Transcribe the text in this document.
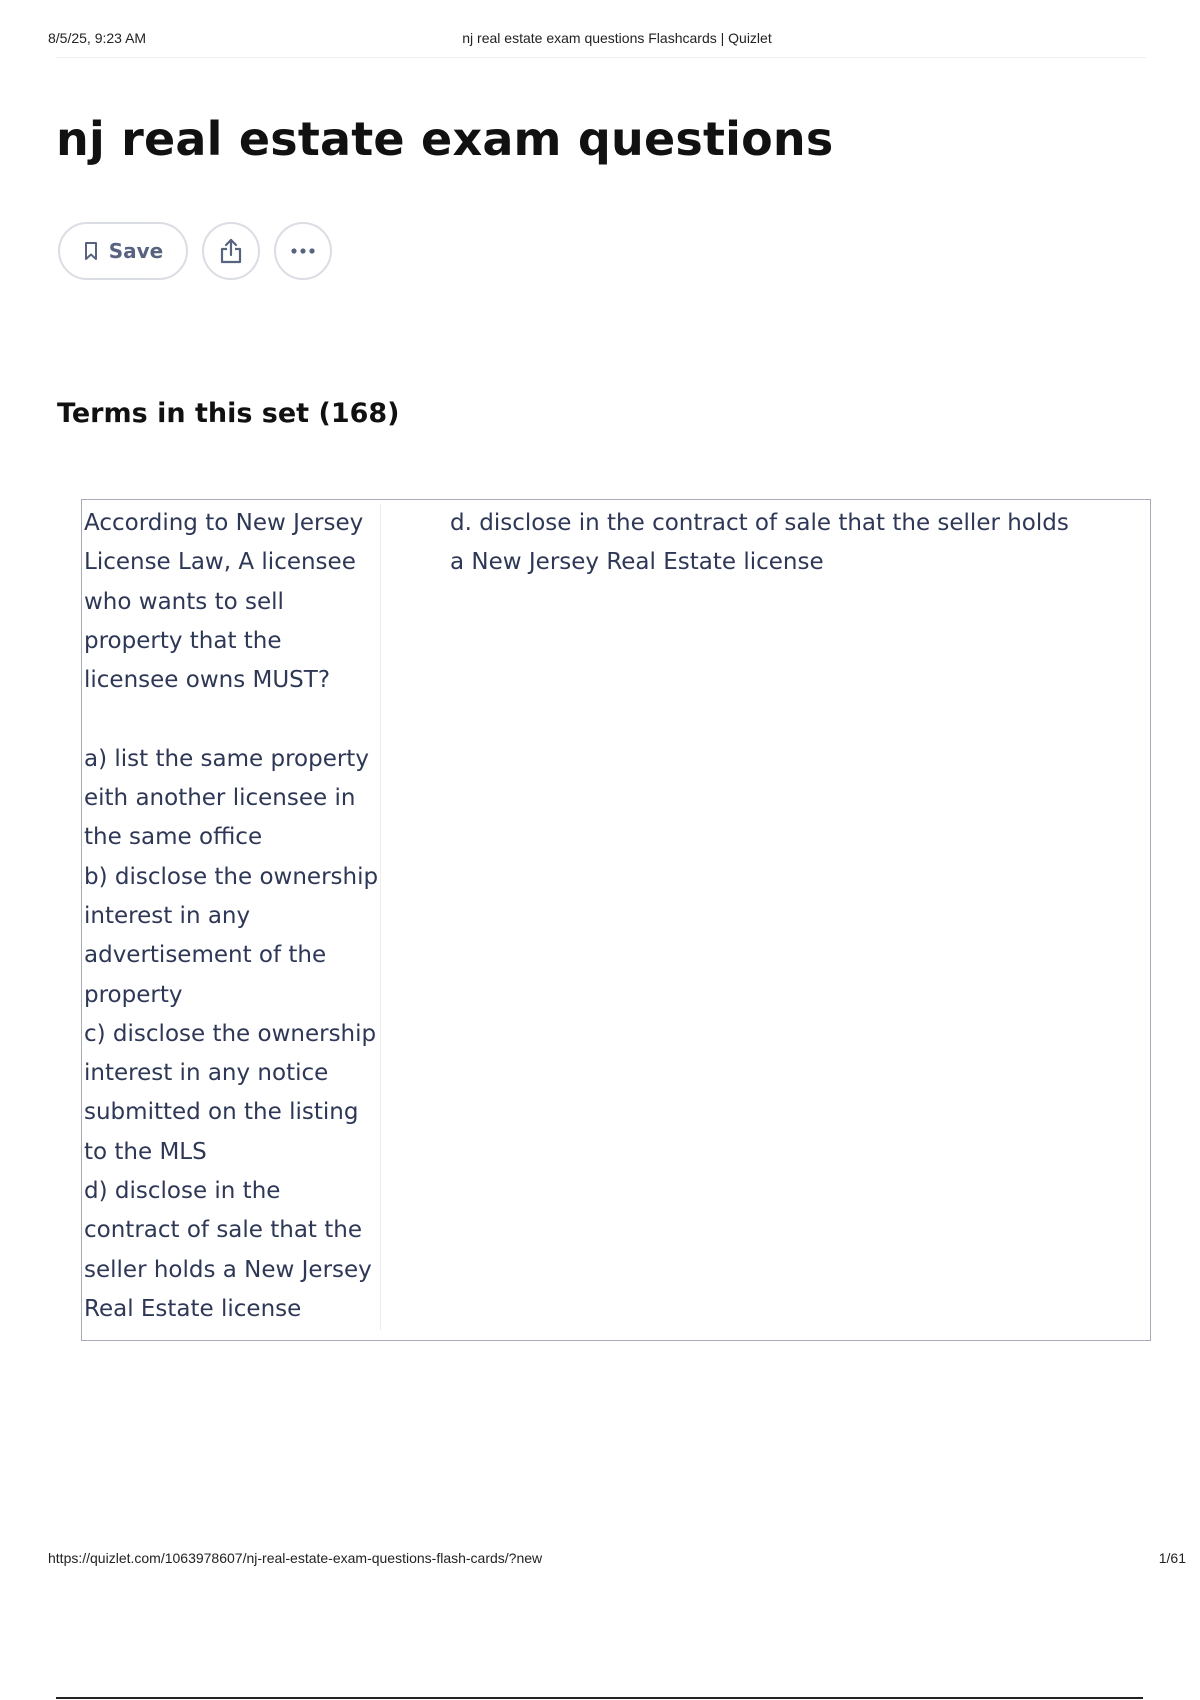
8/5/25, 9:23 AM	nj real estate exam questions Flashcards | Quizlet
nj real estate exam questions
Save
Terms in this set (168)
According to New Jersey License Law, A licensee who wants to sell property that the licensee owns MUST?

a) list the same property eith another licensee in the same office
b) disclose the ownership interest in any advertisement of the property
c) disclose the ownership interest in any notice submitted on the listing to the MLS
d) disclose in the contract of sale that the seller holds a New Jersey Real Estate license
d. disclose in the contract of sale that the seller holds a New Jersey Real Estate license
https://quizlet.com/1063978607/nj-real-estate-exam-questions-flash-cards/?new	1/61
